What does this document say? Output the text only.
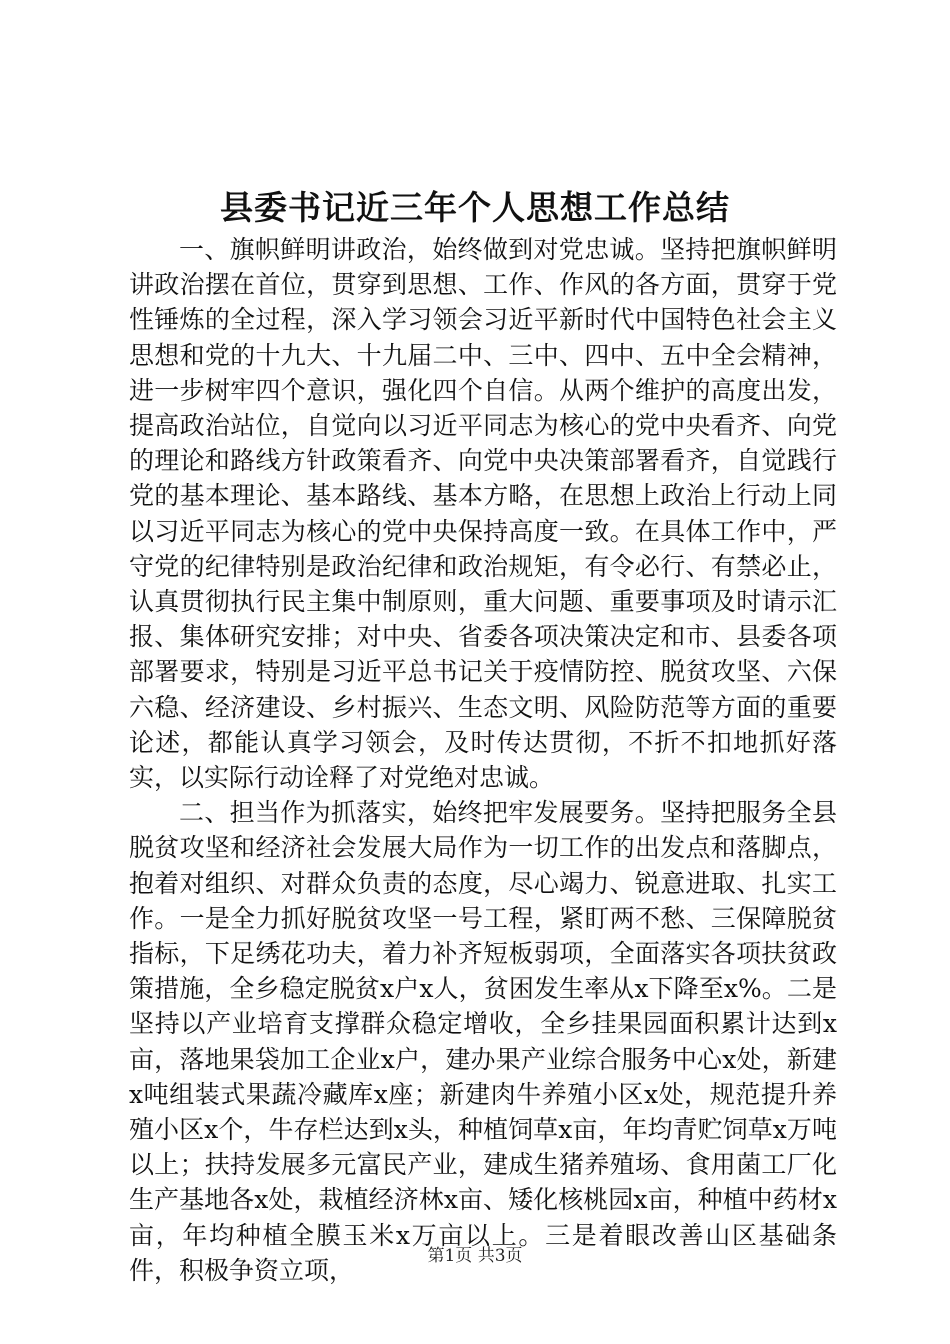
县委书记近三年个人思想工作总结

一、旗帜鲜明讲政治，始终做到对党忠诚。坚持把旗帜鲜明讲政治摆在首位，贯穿到思想、工作、作风的各方面，贯穿于党性锤炼的全过程，深入学习领会习近平新时代中国特色社会主义思想和党的十九大、十九届二中、三中、四中、五中全会精神，进一步树牢四个意识，强化四个自信。从两个维护的高度出发，提高政治站位，自觉向以习近平同志为核心的党中央看齐、向党的理论和路线方针政策看齐、向党中央决策部署看齐，自觉践行党的基本理论、基本路线、基本方略，在思想上政治上行动上同以习近平同志为核心的党中央保持高度一致。在具体工作中，严守党的纪律特别是政治纪律和政治规矩，有令必行、有禁必止，认真贯彻执行民主集中制原则，重大问题、重要事项及时请示汇报、集体研究安排；对中央、省委各项决策决定和市、县委各项部署要求，特别是习近平总书记关于疫情防控、脱贫攻坚、六保六稳、经济建设、乡村振兴、生态文明、风险防范等方面的重要论述，都能认真学习领会，及时传达贯彻，不折不扣地抓好落实，以实际行动诠释了对党绝对忠诚。

二、担当作为抓落实，始终把牢发展要务。坚持把服务全县脱贫攻坚和经济社会发展大局作为一切工作的出发点和落脚点，抱着对组织、对群众负责的态度，尽心竭力、锐意进取、扎实工作。一是全力抓好脱贫攻坚一号工程，紧盯两不愁、三保障脱贫指标，下足绣花功夫，着力补齐短板弱项，全面落实各项扶贫政策措施，全乡稳定脱贫x户x人，贫困发生率从x下降至x%。二是坚持以产业培育支撑群众稳定增收，全乡挂果园面积累计达到x亩，落地果袋加工企业x户，建办果产业综合服务中心x处，新建x吨组装式果蔬冷藏库x座；新建肉牛养殖小区x处，规范提升养殖小区x个，牛存栏达到x头，种植饲草x亩，年均青贮饲草x万吨以上；扶持发展多元富民产业，建成生猪养殖场、食用菌工厂化生产基地各x处，栽植经济林x亩、矮化核桃园x亩，种植中药材x亩，年均种植全膜玉米x万亩以上。三是着眼改善山区基础条件，积极争资立项，	第1页 共3页
